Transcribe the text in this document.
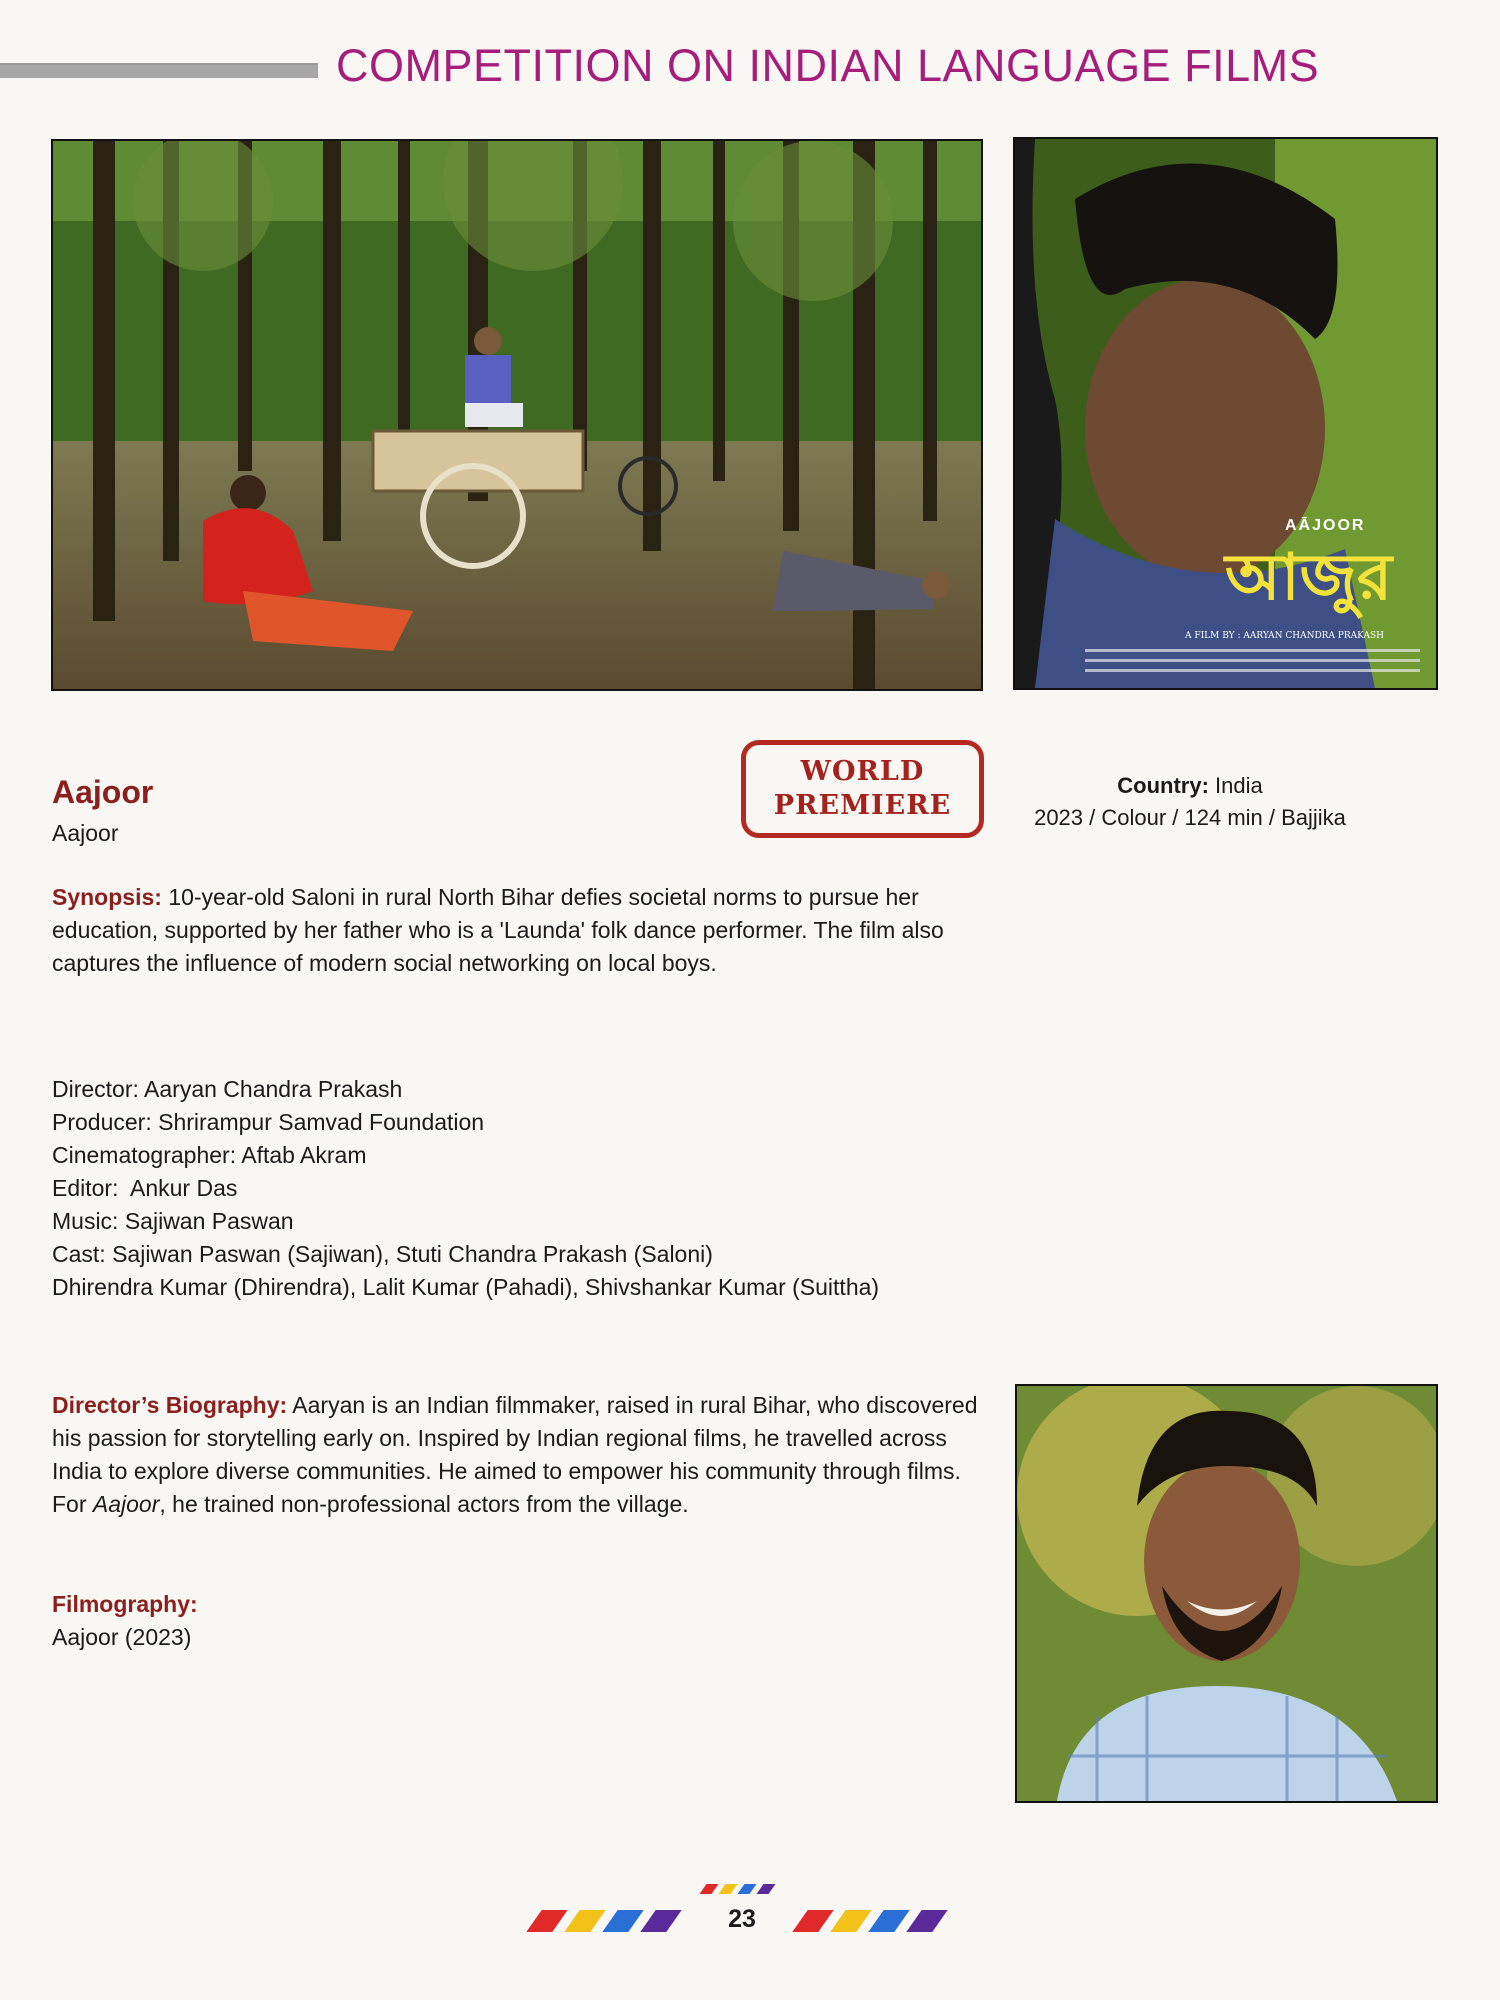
COMPETITION ON INDIAN LANGUAGE FILMS
AĀJOOR
আজুর
A FILM BY : AARYAN CHANDRA PRAKASH
WORLD
PREMIERE
Aajoor
Aajoor
Country: India
2023 / Colour / 124 min / Bajjika
Synopsis: 10-year-old Saloni in rural North Bihar defies societal norms to pursue her education, supported by her father who is a 'Launda' folk dance performer. The film also captures the influence of modern social networking on local boys.
Director: Aaryan Chandra Prakash
Producer: Shrirampur Samvad Foundation
Cinematographer: Aftab Akram
Editor:  Ankur Das
Music: Sajiwan Paswan
Cast: Sajiwan Paswan (Sajiwan), Stuti Chandra Prakash (Saloni)
Dhirendra Kumar (Dhirendra), Lalit Kumar (Pahadi), Shivshankar Kumar (Suittha)
Director’s Biography: Aaryan is an Indian filmmaker, raised in rural Bihar, who discovered his passion for storytelling early on. Inspired by Indian regional films, he travelled across India to explore diverse communities. He aimed to empower his community through films. For Aajoor, he trained non-professional actors from the village.
Filmography:
Aajoor (2023)
23
